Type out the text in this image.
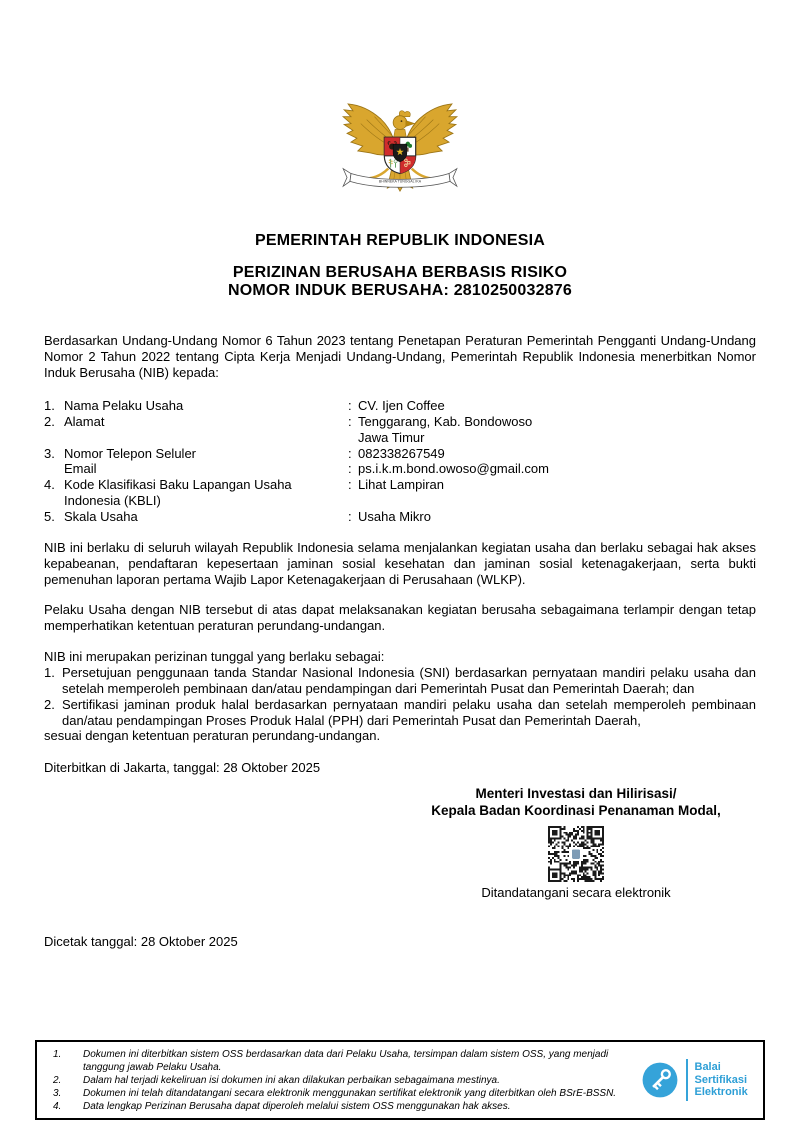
BHINNEKA TUNGGAL IKA
PEMERINTAH REPUBLIK INDONESIA
PERIZINAN BERUSAHA BERBASIS RISIKO
NOMOR INDUK BERUSAHA: 2810250032876
Berdasarkan Undang-Undang Nomor 6 Tahun 2023 tentang Penetapan Peraturan Pemerintah Pengganti Undang-Undang Nomor 2 Tahun 2022 tentang Cipta Kerja Menjadi Undang-Undang, Pemerintah Republik Indonesia menerbitkan Nomor Induk Berusaha (NIB) kepada:
1. Nama Pelaku Usaha	: CV. Ijen Coffee
2. Alamat	: Tenggarang, Kab. Bondowoso
Jawa Timur
3. Nomor Telepon Seluler	: 082338267549
Email	: ps.i.k.m.bond.owoso@gmail.com
4. Kode Klasifikasi Baku Lapangan Usaha Indonesia (KBLI)
: Lihat Lampiran
5. Skala Usaha	: Usaha Mikro
NIB ini berlaku di seluruh wilayah Republik Indonesia selama menjalankan kegiatan usaha dan berlaku sebagai hak akses kepabeanan, pendaftaran kepesertaan jaminan sosial kesehatan dan jaminan sosial ketenagakerjaan, serta bukti pemenuhan laporan pertama Wajib Lapor Ketenagakerjaan di Perusahaan (WLKP).
Pelaku Usaha dengan NIB tersebut di atas dapat melaksanakan kegiatan berusaha sebagaimana terlampir dengan tetap memperhatikan ketentuan peraturan perundang-undangan.
NIB ini merupakan perizinan tunggal yang berlaku sebagai:
1. Persetujuan penggunaan tanda Standar Nasional Indonesia (SNI) berdasarkan pernyataan mandiri pelaku usaha dan setelah memperoleh pembinaan dan/atau pendampingan dari Pemerintah Pusat dan Pemerintah Daerah; dan
2. Sertifikasi jaminan produk halal berdasarkan pernyataan mandiri pelaku usaha dan setelah memperoleh pembinaan dan/atau pendampingan Proses Produk Halal (PPH) dari Pemerintah Pusat dan Pemerintah Daerah,
sesuai dengan ketentuan peraturan perundang-undangan.
Diterbitkan di Jakarta, tanggal: 28 Oktober 2025
Menteri Investasi dan Hilirisasi/
Kepala Badan Koordinasi Penanaman Modal,
Ditandatangani secara elektronik
Dicetak tanggal: 28 Oktober 2025
1.	Dokumen ini diterbitkan sistem OSS berdasarkan data dari Pelaku Usaha, tersimpan dalam sistem OSS, yang menjadi tanggung jawab Pelaku Usaha.
2.	Dalam hal terjadi kekeliruan isi dokumen ini akan dilakukan perbaikan sebagaimana mestinya.
3.	Dokumen ini telah ditandatangani secara elektronik menggunakan sertifikat elektronik yang diterbitkan oleh BSrE-BSSN.
4.	Data lengkap Perizinan Berusaha dapat diperoleh melalui sistem OSS menggunakan hak akses.
Balai
Sertifikasi
Elektronik
